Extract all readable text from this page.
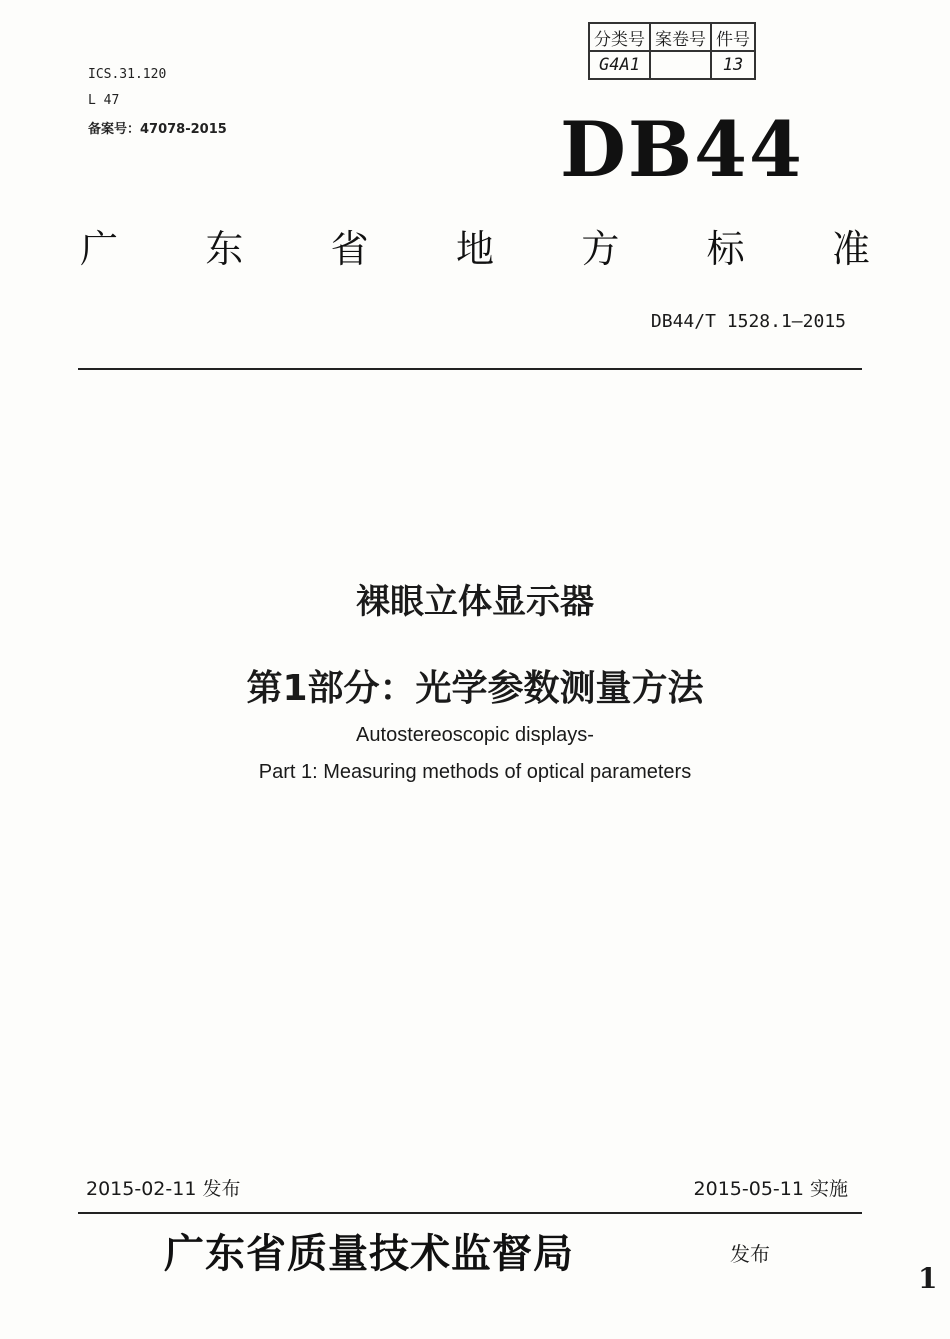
ICS.31.120
L 47
备案号：47078-2015
分类号	案卷号	件号
G4A1		13
DB44
广 东 省 地 方 标 准
DB44/T 1528.1—2015
裸眼立体显示器
第1部分：光学参数测量方法
Autostereoscopic displays-
Part 1: Measuring methods of optical parameters
2015-02-11 发布	2015-05-11 实施
广东省质量技术监督局	发布
1
